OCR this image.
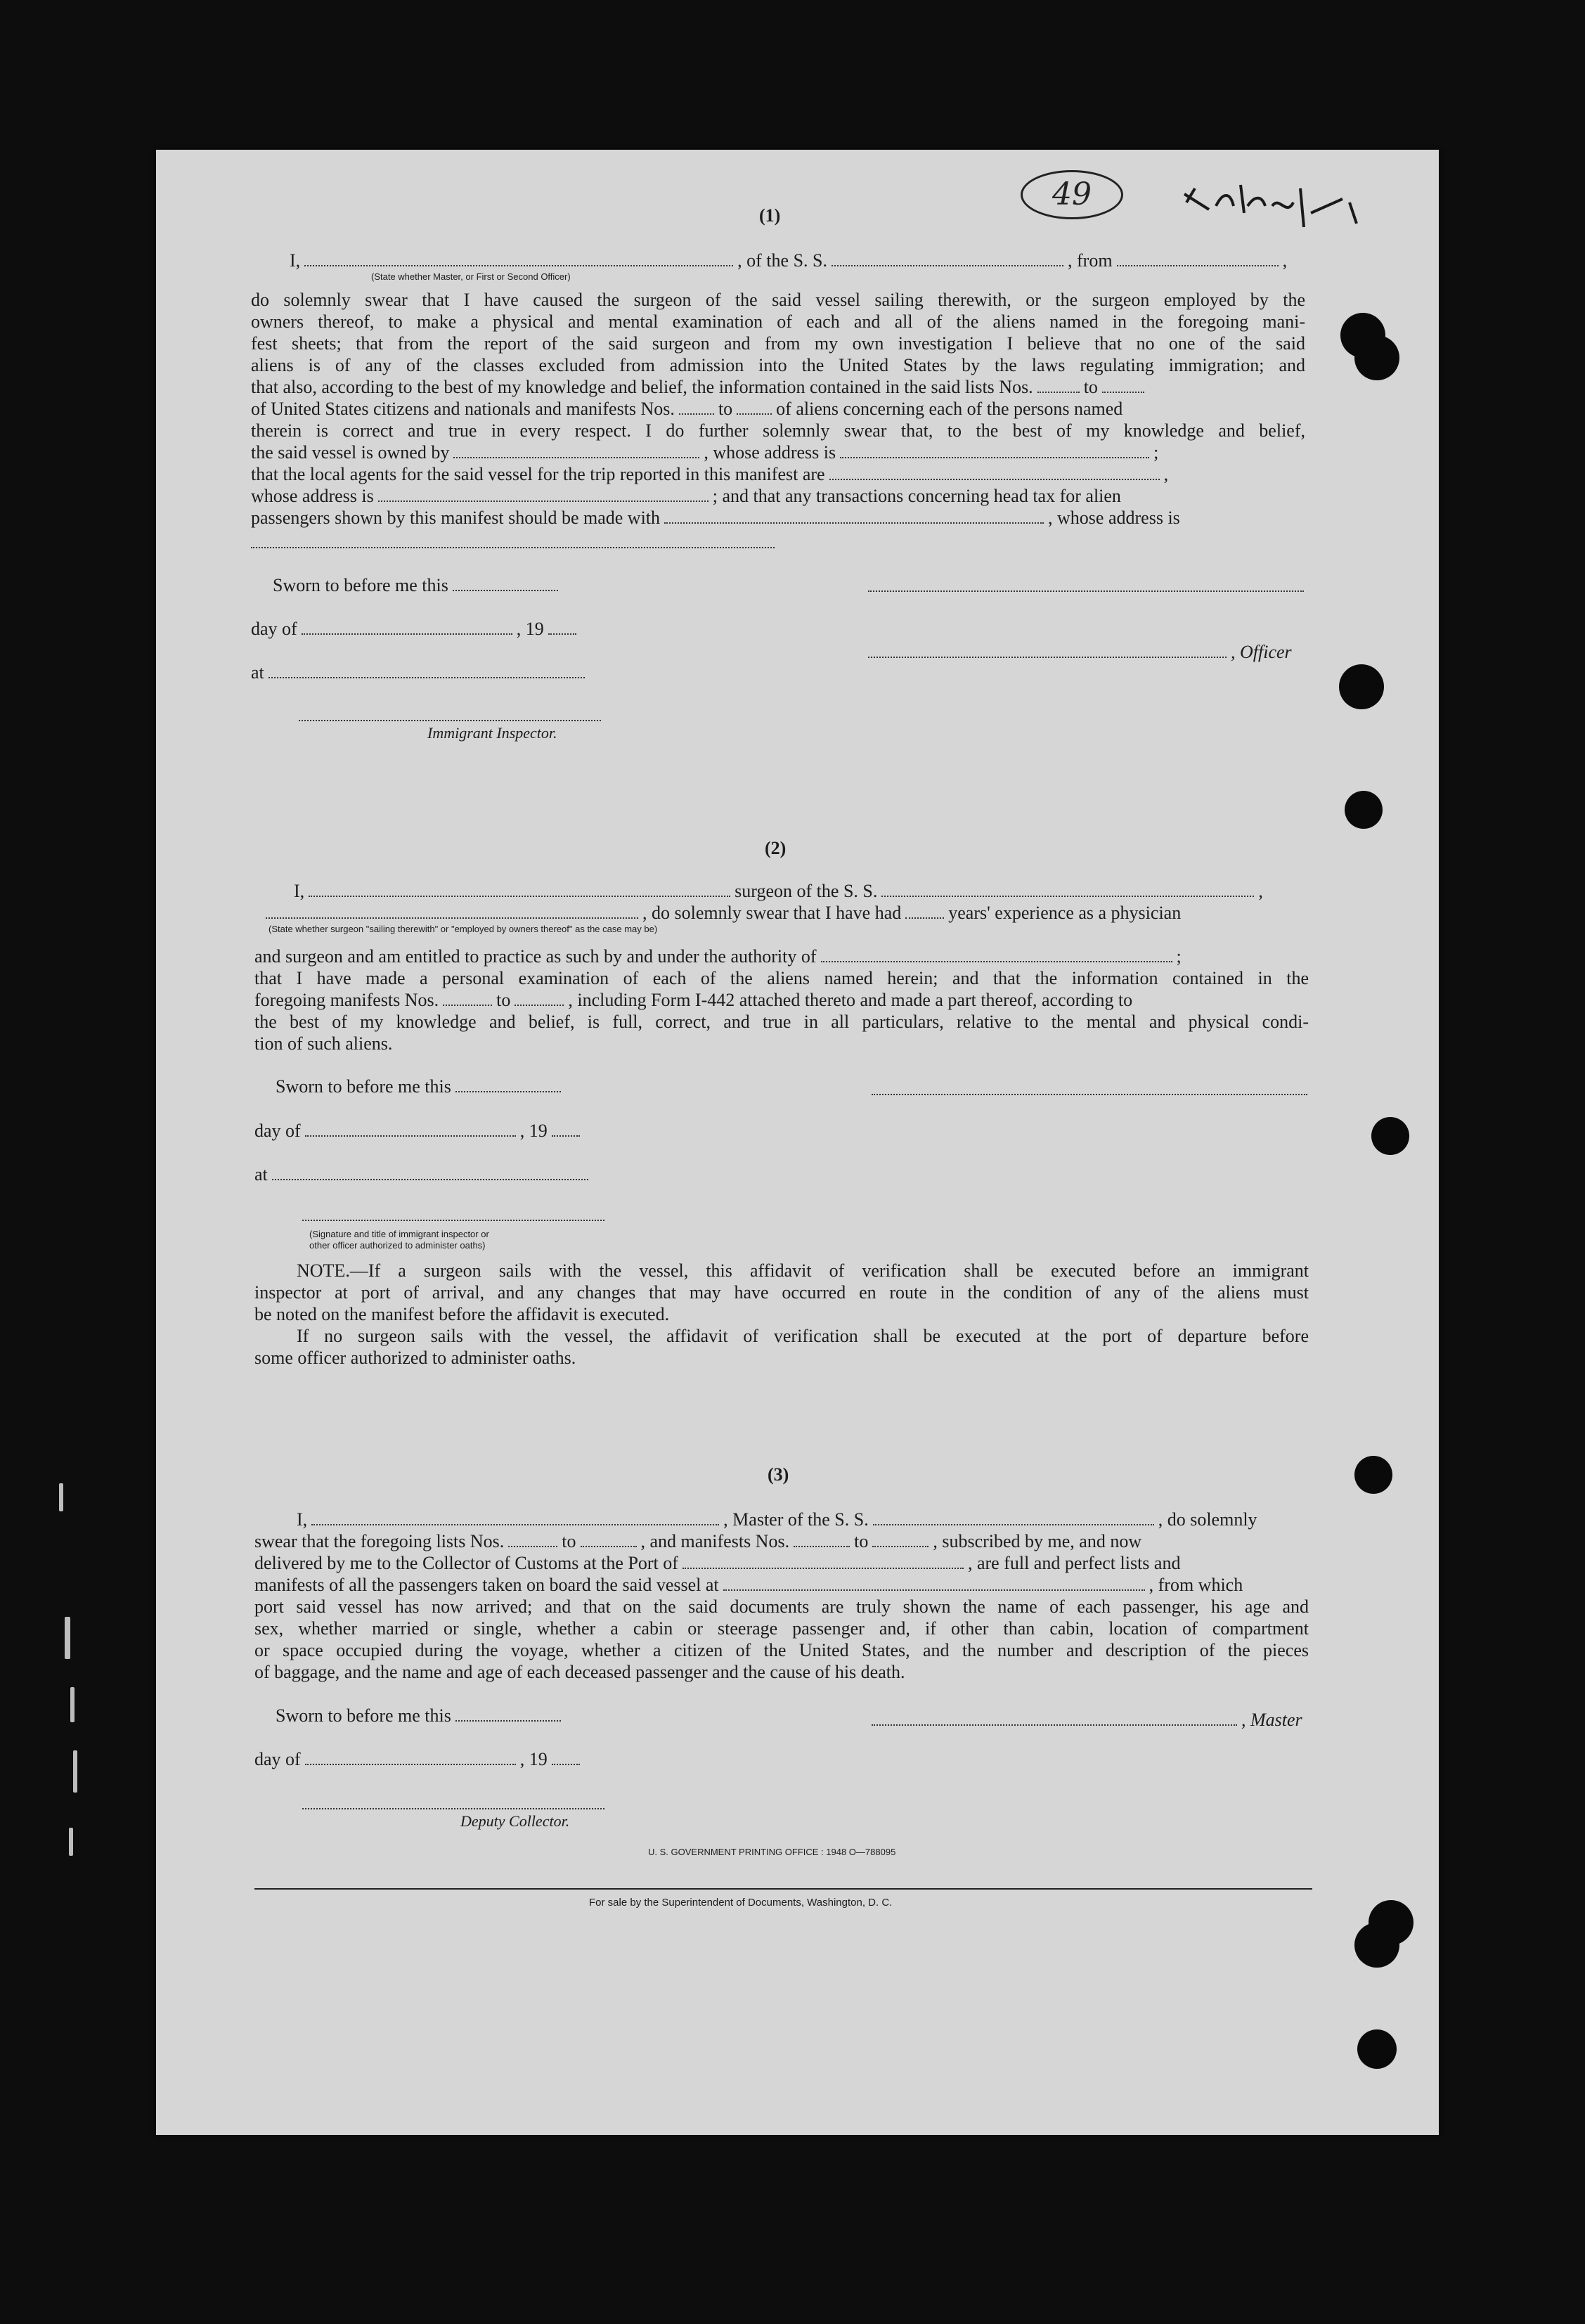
49
(1)
I,	, of the S. S.	, from	,
(State whether Master, or First or Second Officer)
do solemnly swear that I have caused the surgeon of the said vessel sailing therewith, or the surgeon employed by the
owners thereof, to make a physical and mental examination of each and all of the aliens named in the foregoing mani-
fest sheets; that from the report of the said surgeon and from my own investigation I believe that no one of the said
aliens is of any of the classes excluded from admission into the United States by the laws regulating immigration; and
that also, according to the best of my knowledge and belief, the information contained in the said lists Nos.	to
of United States citizens and nationals and manifests Nos. to of aliens concerning each of the persons named
therein is correct and true in every respect. I do further solemnly swear that, to the best of my knowledge and belief,
the said vessel is owned by	, whose address is	;
that the local agents for the said vessel for the trip reported in this manifest are	,
whose address is	; and that any transactions concerning head tax for alien
passengers shown by this manifest should be made with	, whose address is
Sworn to before me this
day of	, 19
at
Immigrant Inspector.
, Officer
(2)
I,	surgeon of the S. S.	,
, do solemnly swear that I have had	years' experience as a physician
(State whether surgeon "sailing therewith" or "employed by owners thereof" as the case may be)
and surgeon and am entitled to practice as such by and under the authority of	;
that I have made a personal examination of each of the aliens named herein; and that the information contained in the
foregoing manifests Nos.	to	, including Form I-442 attached thereto and made a part thereof, according to
the best of my knowledge and belief, is full, correct, and true in all particulars, relative to the mental and physical condi-
tion of such aliens.
Sworn to before me this
day of	, 19
at
(Signature and title of immigrant inspector or
other officer authorized to administer oaths)
NOTE.—If a surgeon sails with the vessel, this affidavit of verification shall be executed before an immigrant
inspector at port of arrival, and any changes that may have occurred en route in the condition of any of the aliens must
be noted on the manifest before the affidavit is executed.
If no surgeon sails with the vessel, the affidavit of verification shall be executed at the port of departure before
some officer authorized to administer oaths.
(3)
I,	, Master of the S. S.	, do solemnly
swear that the foregoing lists Nos.	to	, and manifests Nos.	to	, subscribed by me, and now
delivered by me to the Collector of Customs at the Port of	, are full and perfect lists and
manifests of all the passengers taken on board the said vessel at	, from which
port said vessel has now arrived; and that on the said documents are truly shown the name of each passenger, his age and
sex, whether married or single, whether a cabin or steerage passenger and, if other than cabin, location of compartment
or space occupied during the voyage, whether a citizen of the United States, and the number and description of the pieces
of baggage, and the name and age of each deceased passenger and the cause of his death.
Sworn to before me this	, Master
day of	, 19
Deputy Collector.
U. S. GOVERNMENT PRINTING OFFICE : 1948 O—788095
For sale by the Superintendent of Documents, Washington, D. C.
